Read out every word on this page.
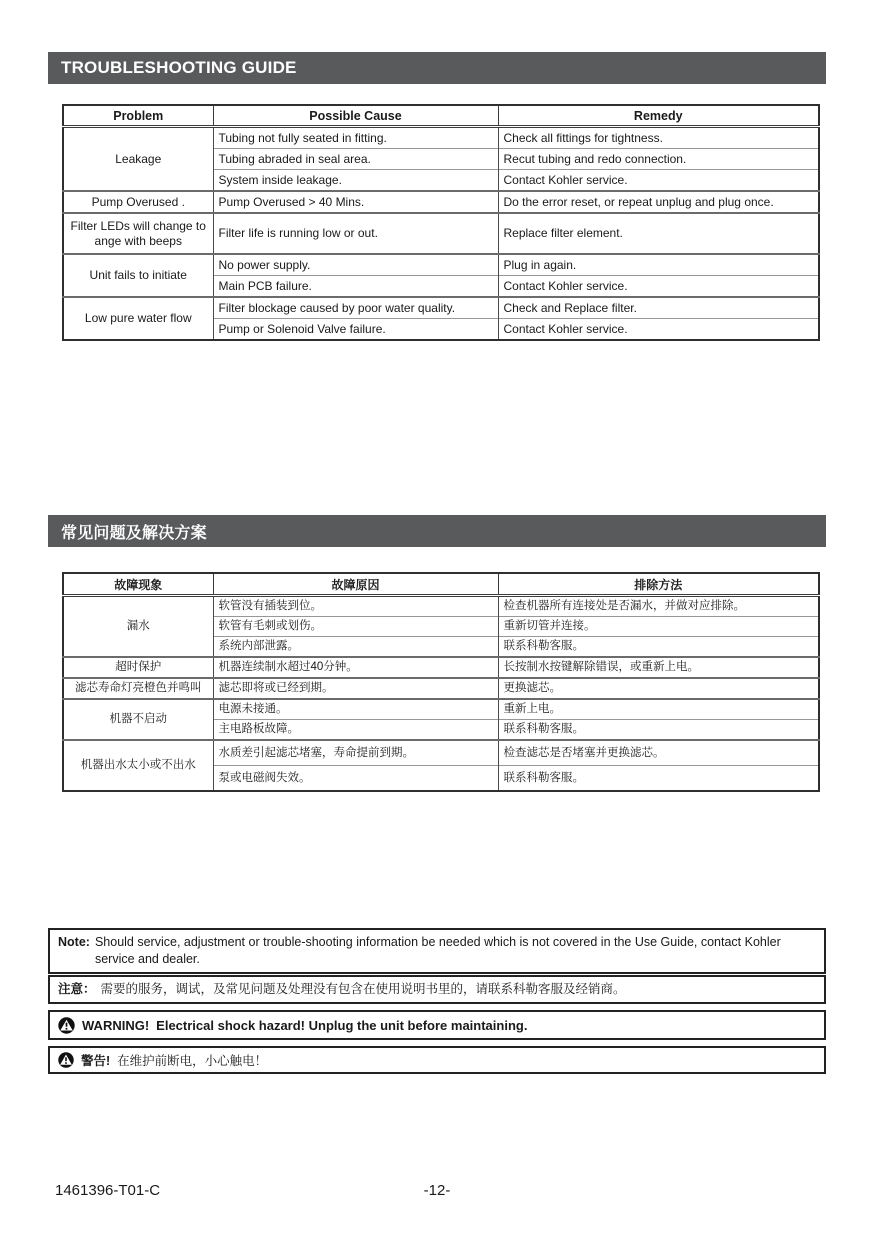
TROUBLESHOOTING GUIDE
Problem	Possible Cause	Remedy
Leakage	Tubing not fully seated in fitting.	Check all fittings for tightness.
	Tubing abraded in seal area.	Recut tubing and redo connection.
	System inside leakage.	Contact Kohler service.
Pump Overused .	Pump Overused > 40 Mins.	Do the error reset, or repeat unplug and plug once.
Filter LEDs will change to ange with beeps	Filter life is running low or out.	Replace filter element.
Unit fails to initiate	No power supply.	Plug in again.
	Main PCB failure.	Contact Kohler service.
Low pure water flow	Filter blockage caused by poor water quality.	Check and Replace filter.
	Pump or Solenoid Valve failure.	Contact Kohler service.
常见问题及解决方案
故障现象	故障原因	排除方法
漏水	软管没有插装到位。	检查机器所有连接处是否漏水，并做对应排除。
	软管有毛刺或划伤。	重新切管并连接。
	系统内部泄露。	联系科勒客服。
超时保护	机器连续制水超过40分钟。	长按制水按键解除错误，或重新上电。
滤芯寿命灯亮橙色并鸣叫	滤芯即将或已经到期。	更换滤芯。
机器不启动	电源未接通。	重新上电。
	主电路板故障。	联系科勒客服。
机器出水太小或不出水	水质差引起滤芯堵塞，寿命提前到期。	检查滤芯是否堵塞并更换滤芯。
	泵或电磁阀失效。	联系科勒客服。
Note: Should service, adjustment or trouble-shooting information be needed which is not covered in the Use Guide, contact Kohler service and dealer.
注意： 需要的服务，调试，及常见问题及处理没有包含在使用说明书里的，请联系科勒客服及经销商。
WARNING! Electrical shock hazard! Unplug the unit before maintaining.
警告! 在维护前断电，小心触电！
1461396-T01-C	-12-
